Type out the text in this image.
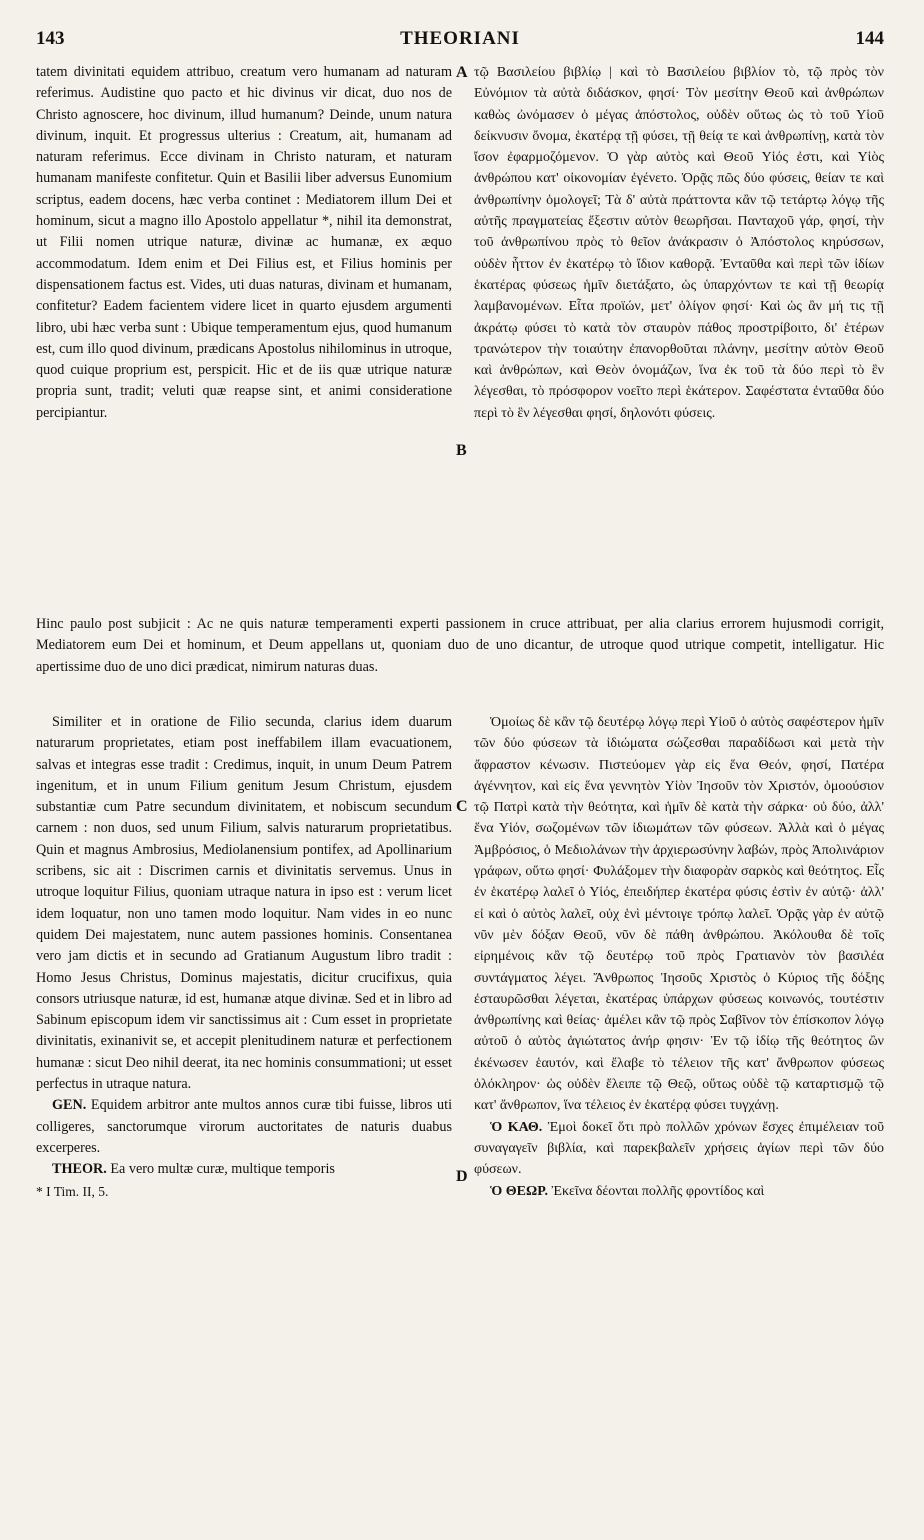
143	THEORIANI	144
A
B
C
D

tatem divinitati equidem attribuo, creatum vero humanam ad naturam referimus. Audistine quo pacto et hic divinus vir dicat, duo nos de Christo agnoscere, hoc divinum, illud humanum? Deinde, unum natura divinum, inquit. Et progressus ulterius : Creatum, ait, humanam ad naturam referimus. Ecce divinam in Christo naturam, et naturam humanam manifeste confitetur. Quin et Basilii liber adversus Eunomium scriptus, eadem docens, hæc verba continet : Mediatorem illum Dei et hominum, sicut a magno illo Apostolo appellatur *, nihil ita demonstrat, ut Filii nomen utrique naturæ, divinæ ac humanæ, ex æquo accommodatum. Idem enim et Dei Filius est, et Filius hominis per dispensationem factus est. Vides, uti duas naturas, divinam et humanam, confitetur? Eadem facientem videre licet in quarto ejusdem argumenti libro, ubi hæc verba sunt : Ubique temperamentum ejus, quod humanum est, cum illo quod divinum, prædicans Apostolus nihilominus in utroque, quod cuique proprium est, perspicit. Hic et de iis quæ utrique naturæ propria sunt, tradit; veluti quæ reapse sint, et animi consideratione percipiantur.

τῷ Βασιλείου βιβλίῳ | καὶ τὸ Βασιλείου βιβλίον τὸ, τῷ πρὸς τὸν Εὐνόμιον τὰ αὐτὰ διδάσκον, φησί· Τὸν μεσίτην Θεοῦ καὶ ἀνθρώπων καθὼς ὠνόμασεν ὁ μέγας ἀπόστολος, οὐδὲν οὕτως ὡς τὸ τοῦ Υἱοῦ δείκνυσιν ὄνομα, ἑκατέρᾳ τῇ φύσει, τῇ θείᾳ τε καὶ ἀνθρωπίνῃ, κατὰ τὸν ἴσον ἐφαρμοζόμενον. Ὁ γὰρ αὐτὸς καὶ Θεοῦ Υἱός ἐστι, καὶ Υἱὸς ἀνθρώπου κατ' οἰκονομίαν ἐγένετο. Ὁρᾷς πῶς δύο φύσεις, θείαν τε καὶ ἀνθρωπίνην ὁμολογεῖ; Τὰ δ' αὐτὰ πράττοντα κἂν τῷ τετάρτῳ λόγῳ τῆς αὐτῆς πραγματείας ἔξεστιν αὐτὸν θεωρῆσαι. Πανταχοῦ γάρ, φησί, τὴν τοῦ ἀνθρωπίνου πρὸς τὸ θεῖον ἀνάκρασιν ὁ Ἀπόστολος κηρύσσων, οὐδὲν ἧττον ἐν ἑκατέρῳ τὸ ἴδιον καθορᾷ. Ἐνταῦθα καὶ περὶ τῶν ἰδίων ἑκατέρας φύσεως ἡμῖν διετάξατο, ὡς ὑπαρχόντων τε καὶ τῇ θεωρίᾳ λαμβανομένων. Εἶτα προϊών, μετ' ὀλίγον φησί· Καὶ ὡς ἂν μή τις τῇ ἀκράτῳ φύσει τὸ κατὰ τὸν σταυρὸν πάθος προστρίβοιτο, δι' ἑτέρων τρανώτερον τὴν τοιαύτην ἐπανορθοῦται πλάνην, μεσίτην αὐτὸν Θεοῦ καὶ ἀνθρώπων, καὶ Θεὸν ὀνομάζων, ἵνα ἐκ τοῦ τὰ δύο περὶ τὸ ἓν λέγεσθαι, τὸ πρόσφορον νοεῖτο περὶ ἑκάτερον. Σαφέστατα ἐνταῦθα δύο περὶ τὸ ἓν λέγεσθαι φησί, δηλονότι φύσεις.

Hinc paulo post subjicit : Ac ne quis naturæ temperamenti experti passionem in cruce attribuat, per alia clarius errorem hujusmodi corrigit, Mediatorem eum Dei et hominum, et Deum appellans ut, quoniam duo de uno dicantur, de utroque quod utrique competit, intelligatur. Hic apertissime duo de uno dici prædicat, nimirum naturas duas.

Similiter et in oratione de Filio secunda, clarius idem duarum naturarum proprietates, etiam post ineffabilem illam evacuationem, salvas et integras esse tradit : Credimus, inquit, in unum Deum Patrem ingenitum, et in unum Filium genitum Jesum Christum, ejusdem substantiæ cum Patre secundum divinitatem, et nobiscum secundum carnem : non duos, sed unum Filium, salvis naturarum proprietatibus. Quin et magnus Ambrosius, Mediolanensium pontifex, ad Apollinarium scribens, sic ait : Discrimen carnis et divinitatis servemus. Unus in utroque loquitur Filius, quoniam utraque natura in ipso est : verum licet idem loquatur, non uno tamen modo loquitur. Nam vides in eo nunc quidem Dei majestatem, nunc autem passiones hominis. Consentanea vero jam dictis et in secundo ad Gratianum Augustum libro tradit : Homo Jesus Christus, Dominus majestatis, dicitur crucifixus, quia consors utriusque naturæ, id est, humanæ atque divinæ. Sed et in libro ad Sabinum episcopum idem vir sanctissimus ait : Cum esset in proprietate divinitatis, exinanivit se, et accepit plenitudinem naturæ et perfectionem humanæ : sicut Deo nihil deerat, ita nec hominis consummationi; ut esset perfectus in utraque natura.

GEN. Equidem arbitror ante multos annos curæ tibi fuisse, libros uti colligeres, sanctorumque virorum auctoritates de naturis duabus excerperes.

THEOR. Ea vero multæ curæ, multique temporis

* I Tim. II, 5.

Ὁμοίως δὲ κἂν τῷ δευτέρῳ λόγῳ περὶ Υἱοῦ ὁ αὐτὸς σαφέστερον ἡμῖν τῶν δύο φύσεων τὰ ἰδιώματα σώζεσθαι παραδίδωσι καὶ μετὰ τὴν ἄφραστον κένωσιν. Πιστεύομεν γὰρ εἰς ἕνα Θεόν, φησί, Πατέρα ἀγέννητον, καὶ εἰς ἕνα γεννητὸν Υἱὸν Ἰησοῦν τὸν Χριστόν, ὁμοούσιον τῷ Πατρὶ κατὰ τὴν θεότητα, καὶ ἡμῖν δὲ κατὰ τὴν σάρκα· οὐ δύο, ἀλλ' ἕνα Υἱόν, σωζομένων τῶν ἰδιωμάτων τῶν φύσεων. Ἀλλὰ καὶ ὁ μέγας Ἀμβρόσιος, ὁ Μεδιολάνων τὴν ἀρχιερωσύνην λαβών, πρὸς Ἀπολινάριον γράφων, οὕτω φησί· Φυλάξομεν τὴν διαφορὰν σαρκὸς καὶ θεότητος. Εἷς ἐν ἑκατέρῳ λαλεῖ ὁ Υἱός, ἐπειδήπερ ἑκατέρα φύσις ἐστὶν ἐν αὐτῷ· ἀλλ' εἰ καὶ ὁ αὐτὸς λαλεῖ, οὐχ ἑνὶ μέντοιγε τρόπῳ λαλεῖ. Ὁρᾷς γὰρ ἐν αὐτῷ νῦν μὲν δόξαν Θεοῦ, νῦν δὲ πάθη ἀνθρώπου. Ἀκόλουθα δὲ τοῖς εἰρημένοις κἂν τῷ δευτέρῳ τοῦ πρὸς Γρατιανὸν τὸν βασιλέα συντάγματος λέγει. Ἄνθρωπος Ἰησοῦς Χριστὸς ὁ Κύριος τῆς δόξης ἐσταυρῶσθαι λέγεται, ἑκατέρας ὑπάρχων φύσεως κοινωνός, τουτέστιν ἀνθρωπίνης καὶ θείας· ἀμέλει κἂν τῷ πρὸς Σαβῖνον τὸν ἐπίσκοπον λόγῳ αὐτοῦ ὁ αὐτὸς ἁγιώτατος ἀνήρ φησιν· Ἐν τῷ ἰδίῳ τῆς θεότητος ὢν ἐκένωσεν ἑαυτόν, καὶ ἔλαβε τὸ τέλειον τῆς κατ' ἄνθρωπον φύσεως ὁλόκληρον· ὡς οὐδὲν ἔλειπε τῷ Θεῷ, οὕτως οὐδὲ τῷ καταρτισμῷ τῷ κατ' ἄνθρωπον, ἵνα τέλειος ἐν ἑκατέρᾳ φύσει τυγχάνῃ.

Ὁ ΚΑΘ. Ἐμοὶ δοκεῖ ὅτι πρὸ πολλῶν χρόνων ἔσχες ἐπιμέλειαν τοῦ συναγαγεῖν βιβλία, καὶ παρεκβαλεῖν χρήσεις ἁγίων περὶ τῶν δύο φύσεων.

Ὁ ΘΕΩΡ. Ἐκεῖνα δέονται πολλῆς φροντίδος καὶ
